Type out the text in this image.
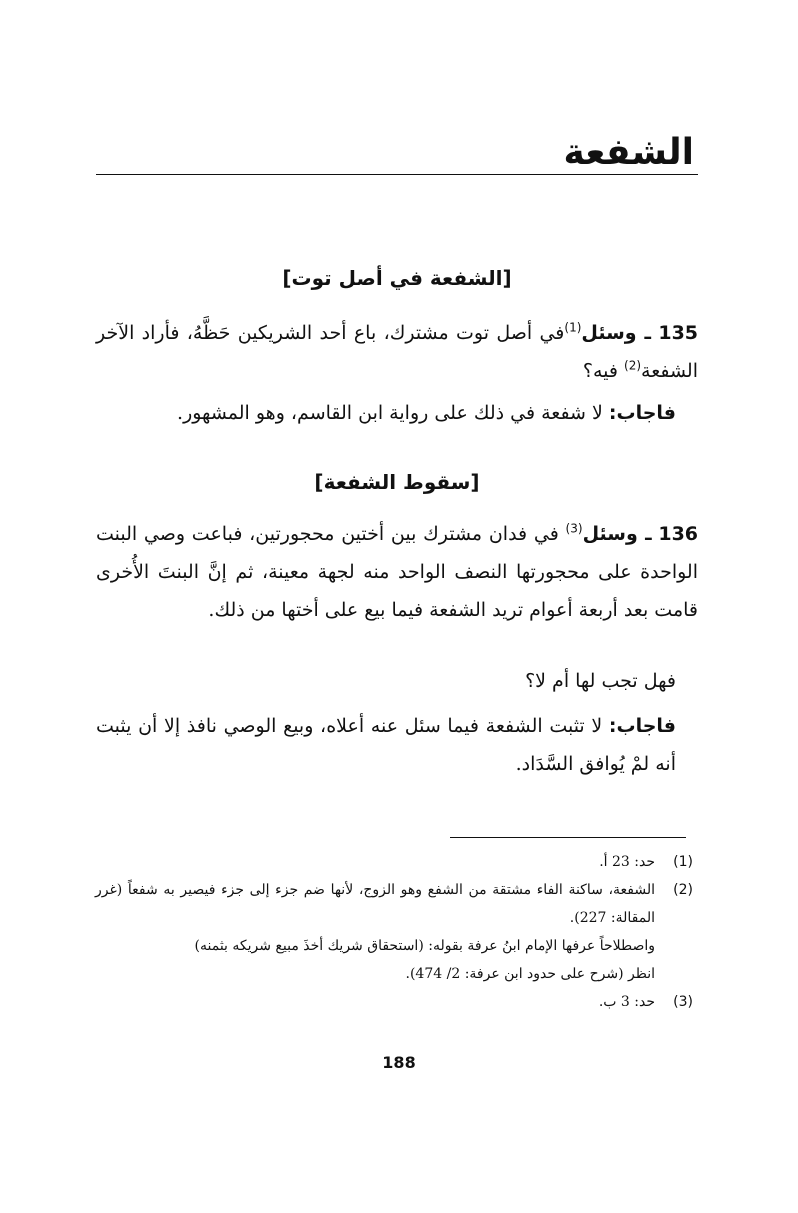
الشفعة
[الشفعة في أصل توت]

135 ـ وسئل$^{(1)}$في أصل توت مشترك، باع أحد الشريكين حَظَّهُ، فأراد الآخر الشفعة$^{(2)}$ فيه؟

فاجاب: لا شفعة في ذلك على رواية ابن القاسم، وهو المشهور.

[سقوط الشفعة]

136 ـ وسئل$^{(3)}$ في فدان مشترك بين أختين محجورتين، فباعت وصي البنت الواحدة على محجورتها النصف الواحد منه لجهة معينة، ثم إنَّ البنتَ الأُخرى قامت بعد أربعة أعوام تريد الشفعة فيما بيع على أختها من ذلك.

فهل تجب لها أم لا؟

فاجاب: لا تثبت الشفعة فيما سئل عنه أعلاه، وبيع الوصي نافذ إلا أن يثبت أنه لمْ يُوافق السَّدَاد.

(1)
حد: 23 أ.
(2)
الشفعة، ساكنة الفاء مشتقة من الشفع وهو الزوج، لأنها ضم جزء إلى جزء فيصير به شفعاً (غرر المقالة: 227).
واصطلاحاً عرفها الإمام ابنُ عرفة بقوله: (استحقاق شريك أخذَ مبيع شريكه بثمنه)
انظر (شرح على حدود ابن عرفة: 2/ 474).
(3)
حد: 3 ب.
188
